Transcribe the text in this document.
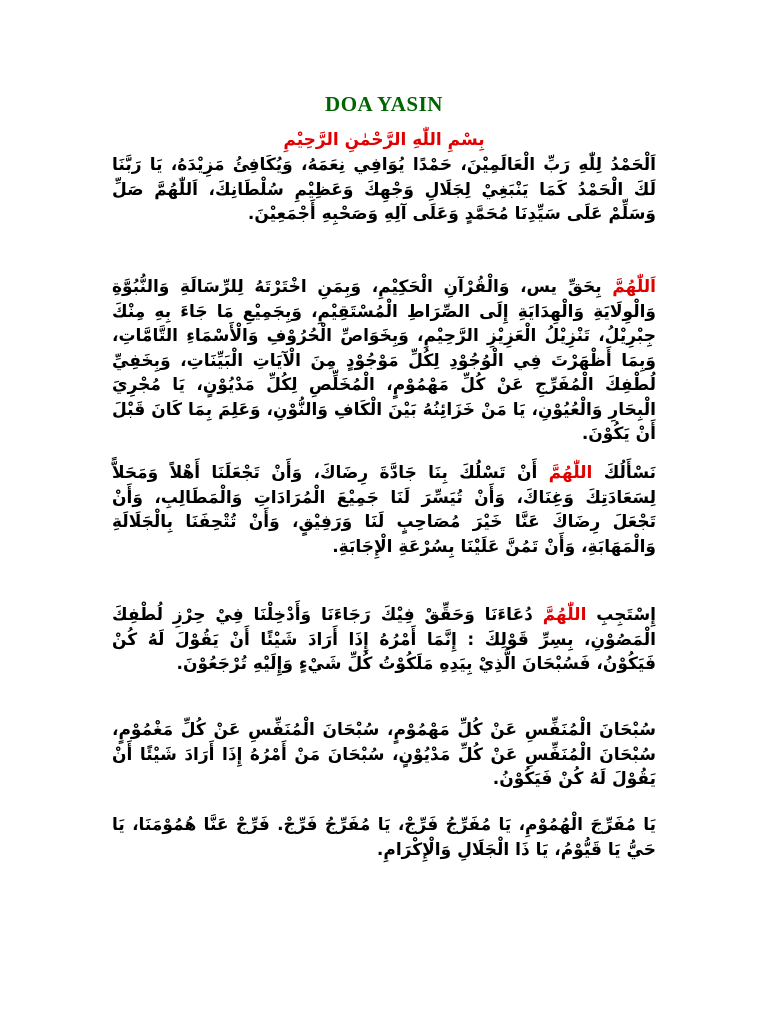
DOA YASIN
بِسْمِ اللّٰهِ الرَّحْمٰنِ الرَّحِيْمِ
اَلْحَمْدُ لِلّٰهِ رَبِّ الْعَالَمِيْنَ، حَمْدًا يُوَافِي نِعَمَهُ، وَيُكَافِئُ مَزِيْدَهُ، يَا رَبَّنَا لَكَ الْحَمْدُ كَمَا يَنْبَغِيْ لِجَلَالِ وَجْهِكَ وَعَظِيْمِ سُلْطَانِكَ، اَللّٰهُمَّ صَلِّ وَسَلِّمْ عَلَى سَيِّدِنَا مُحَمَّدٍ وَعَلَى آلِهِ وَصَحْبِهِ أَجْمَعِيْنَ.
اَللّٰهُمَّ بِحَقِّ يس، وَالْقُرْآنِ الْحَكِيْمِ، وَبِمَنِ اخْتَرْتَهُ لِلرِّسَالَةِ وَالنُّبُوَّةِ وَالْوِلَايَةِ وَالْهِدَايَةِ إِلَى الصِّرَاطِ الْمُسْتَقِيْمِ، وَبِجَمِيْعِ مَا جَاءَ بِهِ مِنْكَ جِبْرِيْلُ، تَنْزِيْلُ الْعَزِيْزِ الرَّحِيْمِ، وَبِخَوَاصِّ الْحُرُوْفِ وَالْأَسْمَاءِ التَّامَّاتِ، وَبِمَا أَظْهَرْتَ فِي الْوُجُوْدِ لِكُلِّ مَوْجُوْدٍ مِنَ الْآيَاتِ الْبَيِّنَاتِ، وَبِخَفِيِّ لُطْفِكَ الْمُفَرِّجِ عَنْ كُلِّ مَهْمُوْمٍ، الْمُخَلِّصِ لِكُلِّ مَدْيُوْنٍ، يَا مُجْرِيَ الْبِحَارِ وَالْعُيُوْنِ، يَا مَنْ خَزَائِنُهُ بَيْنَ الْكَافِ وَالنُّوْنِ، وَعَلِمَ بِمَا كَانَ قَبْلَ أَنْ يَكُوْنَ.
نَسْأَلُكَ اللّٰهُمَّ أَنْ تَسْلُكَ بِنَا جَادَّةَ رِضَاكَ، وَأَنْ تَجْعَلَنَا أَهْلاً وَمَحَلاًّ لِسَعَادَتِكَ وَغِنَاكَ، وَأَنْ تُيَسِّرَ لَنَا جَمِيْعَ الْمُرَادَاتِ وَالْمَطَالِبِ، وَأَنْ تَجْعَلَ رِضَاكَ عَنَّا خَيْرَ مُصَاحِبٍ لَنَا وَرَفِيْقٍ، وَأَنْ تُتْحِفَنَا بِالْجَلَالَةِ وَالْمَهَابَةِ، وَأَنْ تَمُنَّ عَلَيْنَا بِسُرْعَةِ الْإِجَابَةِ.
إِسْتَجِبِ اللّٰهُمَّ دُعَاءَنَا وَحَقِّقْ فِيْكَ رَجَاءَنَا وَأَدْخِلْنَا فِيْ حِرْزِ لُطْفِكَ الْمَصُوْنِ، بِسِرِّ قَوْلِكَ : إِنَّمَا أَمْرُهُ إِذَا أَرَادَ شَيْئًا أَنْ يَقُوْلَ لَهُ كُنْ فَيَكُوْنُ، فَسُبْحَانَ الَّذِيْ بِيَدِهِ مَلَكُوْتُ كُلِّ شَيْءٍ وَإِلَيْهِ تُرْجَعُوْنَ.
سُبْحَانَ الْمُنَفِّسِ عَنْ كُلِّ مَهْمُوْمٍ، سُبْحَانَ الْمُنَفِّسِ عَنْ كُلِّ مَغْمُوْمٍ، سُبْحَانَ الْمُنَفِّسِ عَنْ كُلِّ مَدْيُوْنٍ، سُبْحَانَ مَنْ أَمْرُهُ إِذَا أَرَادَ شَيْئًا أَنْ يَقُوْلَ لَهُ كُنْ فَيَكُوْنُ.
يَا مُفَرِّجَ الْهُمُوْمِ، يَا مُفَرِّجُ فَرِّجْ، يَا مُفَرِّجُ فَرِّجْ. فَرِّجْ عَنَّا هُمُوْمَنَا، يَا حَيُّ يَا قَيُّوْمُ، يَا ذَا الْجَلَالِ وَالْإِكْرَامِ.
